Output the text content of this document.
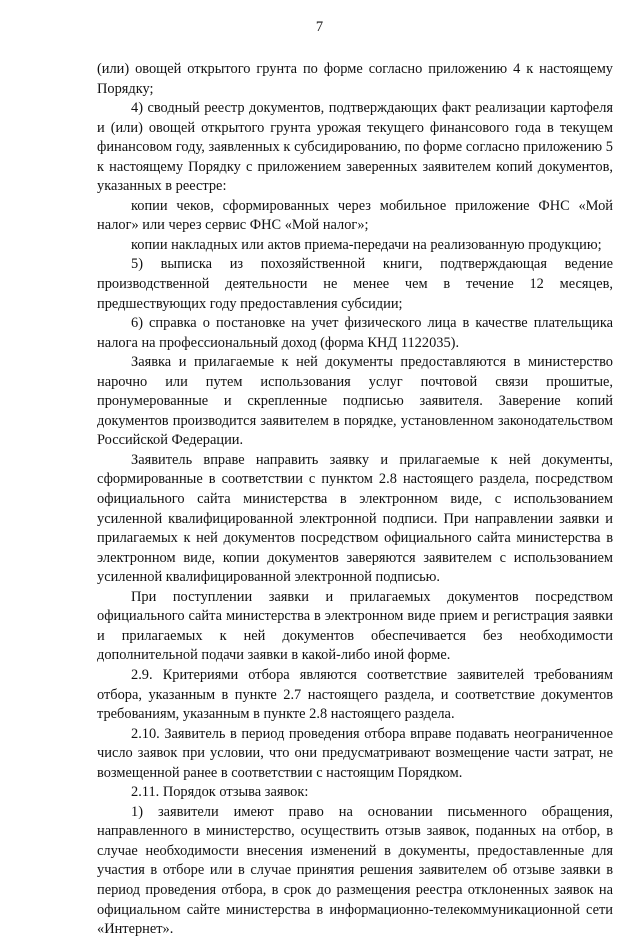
7

(или) овощей открытого грунта по форме согласно приложению 4 к настоящему Порядку;

4) сводный реестр документов, подтверждающих факт реализации картофеля и (или) овощей открытого грунта урожая текущего финансового года в текущем финансовом году, заявленных к субсидированию, по форме согласно приложению 5 к настоящему Порядку с приложением заверенных заявителем копий документов, указанных в реестре:

копии чеков, сформированных через мобильное приложение ФНС «Мой налог» или через сервис ФНС «Мой налог»;

копии накладных или актов приема-передачи на реализованную продукцию;

5) выписка из похозяйственной книги, подтверждающая ведение производственной деятельности не менее чем в течение 12 месяцев, предшествующих году предоставления субсидии;

6) справка о постановке на учет физического лица в качестве плательщика налога на профессиональный доход (форма КНД 1122035).

Заявка и прилагаемые к ней документы предоставляются в министерство нарочно или путем использования услуг почтовой связи прошитые, пронумерованные и скрепленные подписью заявителя. Заверение копий документов производится заявителем в порядке, установленном законодательством Российской Федерации.

Заявитель вправе направить заявку и прилагаемые к ней документы, сформированные в соответствии с пунктом 2.8 настоящего раздела, посредством официального сайта министерства в электронном виде, с использованием усиленной квалифицированной электронной подписи. При направлении заявки и прилагаемых к ней документов посредством официального сайта министерства в электронном виде, копии документов заверяются заявителем с использованием усиленной квалифицированной электронной подписью.

При поступлении заявки и прилагаемых документов посредством официального сайта министерства в электронном виде прием и регистрация заявки и прилагаемых к ней документов обеспечивается без необходимости дополнительной подачи заявки в какой-либо иной форме.

2.9. Критериями отбора являются соответствие заявителей требованиям отбора, указанным в пункте 2.7 настоящего раздела, и соответствие документов требованиям, указанным в пункте 2.8 настоящего раздела.

2.10. Заявитель в период проведения отбора вправе подавать неограниченное число заявок при условии, что они предусматривают возмещение части затрат, не возмещенной ранее в соответствии с настоящим Порядком.

2.11. Порядок отзыва заявок:

1) заявители имеют право на основании письменного обращения, направленного в министерство, осуществить отзыв заявок, поданных на отбор, в случае необходимости внесения изменений в документы, предоставленные для участия в отборе или в случае принятия решения заявителем об отзыве заявки в период проведения отбора, в срок до размещения реестра отклоненных заявок на официальном сайте министерства в информационно-телекоммуникационной сети «Интернет».
